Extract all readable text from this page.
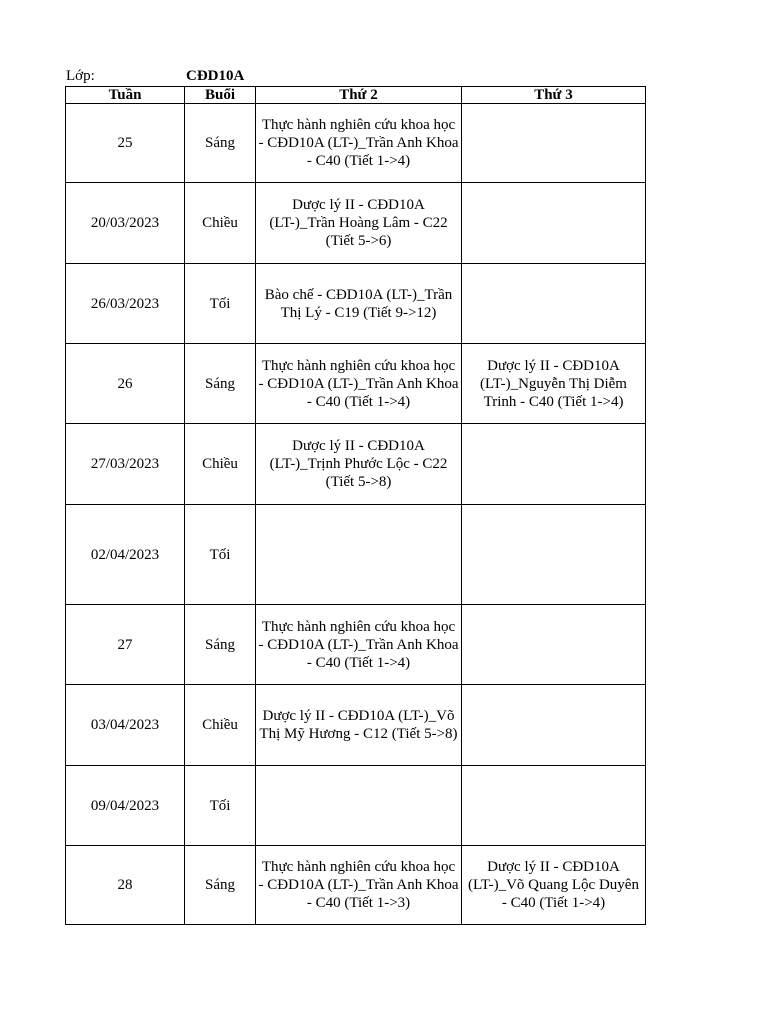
Lớp:	CĐD10A
Tuần	Buổi	Thứ 2	Thứ 3

25	Sáng	Thực hành nghiên cứu khoa học - CĐD10A (LT-)_Trần Anh Khoa - C40 (Tiết 1->4)	

20/03/2023	Chiều	Dược lý II - CĐD10A (LT-)_Trần Hoàng Lâm - C22 (Tiết 5->6)	

26/03/2023	Tối	Bào chế - CĐD10A (LT-)_Trần Thị Lý - C19 (Tiết 9->12)	

26	Sáng	Thực hành nghiên cứu khoa học - CĐD10A (LT-)_Trần Anh Khoa - C40 (Tiết 1->4)	Dược lý II - CĐD10A (LT-)_Nguyễn Thị Diễm Trinh - C40 (Tiết 1->4)

27/03/2023	Chiều	Dược lý II - CĐD10A (LT-)_Trịnh Phước Lộc - C22 (Tiết 5->8)	

02/04/2023	Tối		

27	Sáng	Thực hành nghiên cứu khoa học - CĐD10A (LT-)_Trần Anh Khoa - C40 (Tiết 1->4)	

03/04/2023	Chiều	Dược lý II - CĐD10A (LT-)_Võ Thị Mỹ Hương - C12 (Tiết 5->8)	

09/04/2023	Tối		

28	Sáng	Thực hành nghiên cứu khoa học - CĐD10A (LT-)_Trần Anh Khoa - C40 (Tiết 1->3)	Dược lý II - CĐD10A (LT-)_Võ Quang Lộc Duyên - C40 (Tiết 1->4)
